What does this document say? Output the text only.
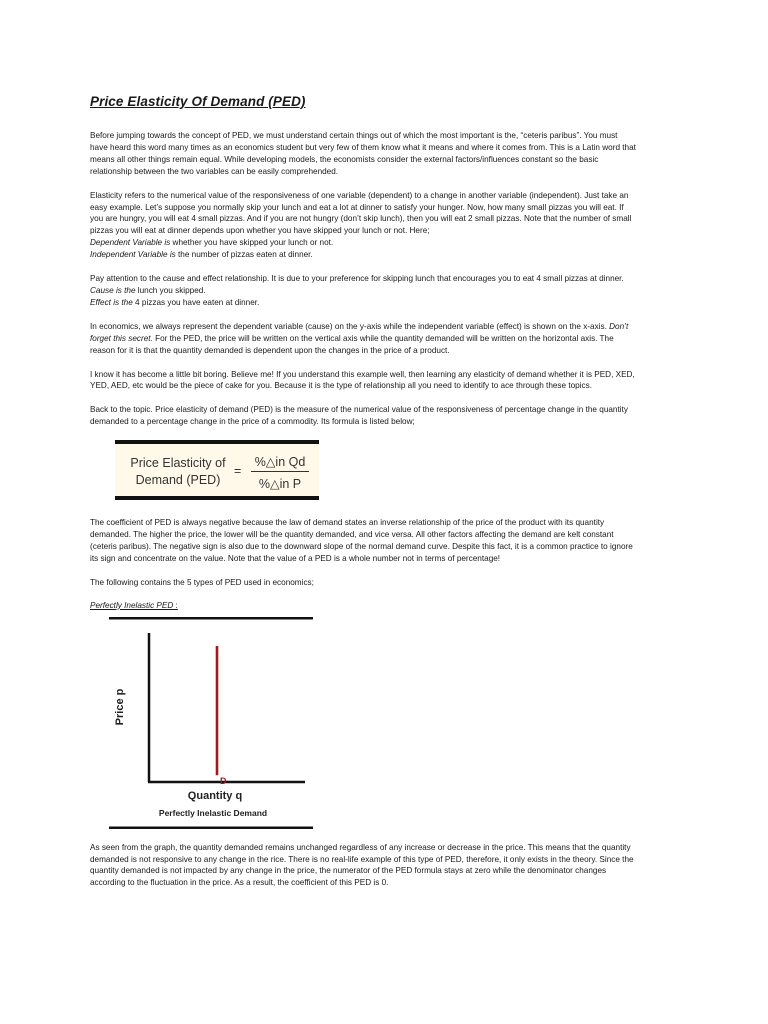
Price Elasticity Of Demand (PED)
Before jumping towards the concept of PED, we must understand certain things out of which the most important is the, “ceteris paribus”. You must
have heard this word many times as an economics student but very few of them know what it means and where it comes from. This is a Latin word that
means all other things remain equal. While developing models, the economists consider the external factors/influences constant so the basic
relationship between the two variables can be easily comprehended.
Elasticity refers to the numerical value of the responsiveness of one variable (dependent) to a change in another variable (independent). Just take an
easy example. Let’s suppose you normally skip your lunch and eat a lot at dinner to satisfy your hunger. Now, how many small pizzas you will eat. If
you are hungry, you will eat 4 small pizzas. And if you are not hungry (don’t skip lunch), then you will eat 2 small pizzas. Note that the number of small
pizzas you will eat at dinner depends upon whether you have skipped your lunch or not. Here;
Dependent Variable is whether you have skipped your lunch or not.
Independent Variable is the number of pizzas eaten at dinner.
Pay attention to the cause and effect relationship. It is due to your preference for skipping lunch that encourages you to eat 4 small pizzas at dinner.
Cause is the lunch you skipped.
Effect is the 4 pizzas you have eaten at dinner.
In economics, we always represent the dependent variable (cause) on the y-axis while the independent variable (effect) is shown on the x-axis. Don’t
forget this secret. For the PED, the price will be written on the vertical axis while the quantity demanded will be written on the horizontal axis. The
reason for it is that the quantity demanded is dependent upon the changes in the price of a product.
I know it has become a little bit boring. Believe me! If you understand this example well, then learning any elasticity of demand whether it is PED, XED,
YED, AED, etc would be the piece of cake for you. Because it is the type of relationship all you need to identify to ace through these topics.
Back to the topic. Price elasticity of demand (PED) is the measure of the numerical value of the responsiveness of percentage change in the quantity
demanded to a percentage change in the price of a commodity. Its formula is listed below;
Price Elasticity of
Demand (PED)
=
%△in Qd
%△in P
The coefficient of PED is always negative because the law of demand states an inverse relationship of the price of the product with its quantity
demanded. The higher the price, the lower will be the quantity demanded, and vice versa. All other factors affecting the demand are kelt constant
(ceteris paribus). The negative sign is also due to the downward slope of the normal demand curve. Despite this fact, it is a common practice to ignore
its sign and concentrate on the value. Note that the value of a PED is a whole number not in terms of percentage!
The following contains the 5 types of PED used in economics;
Perfectly Inelastic PED :
D
Price p
Quantity q
Perfectly Inelastic Demand
As seen from the graph, the quantity demanded remains unchanged regardless of any increase or decrease in the price. This means that the quantity
demanded is not responsive to any change in the rice. There is no real-life example of this type of PED, therefore, it only exists in the theory. Since the
quantity demanded is not impacted by any change in the price, the numerator of the PED formula stays at zero while the denominator changes
according to the fluctuation in the price. As a result, the coefficient of this PED is 0.
